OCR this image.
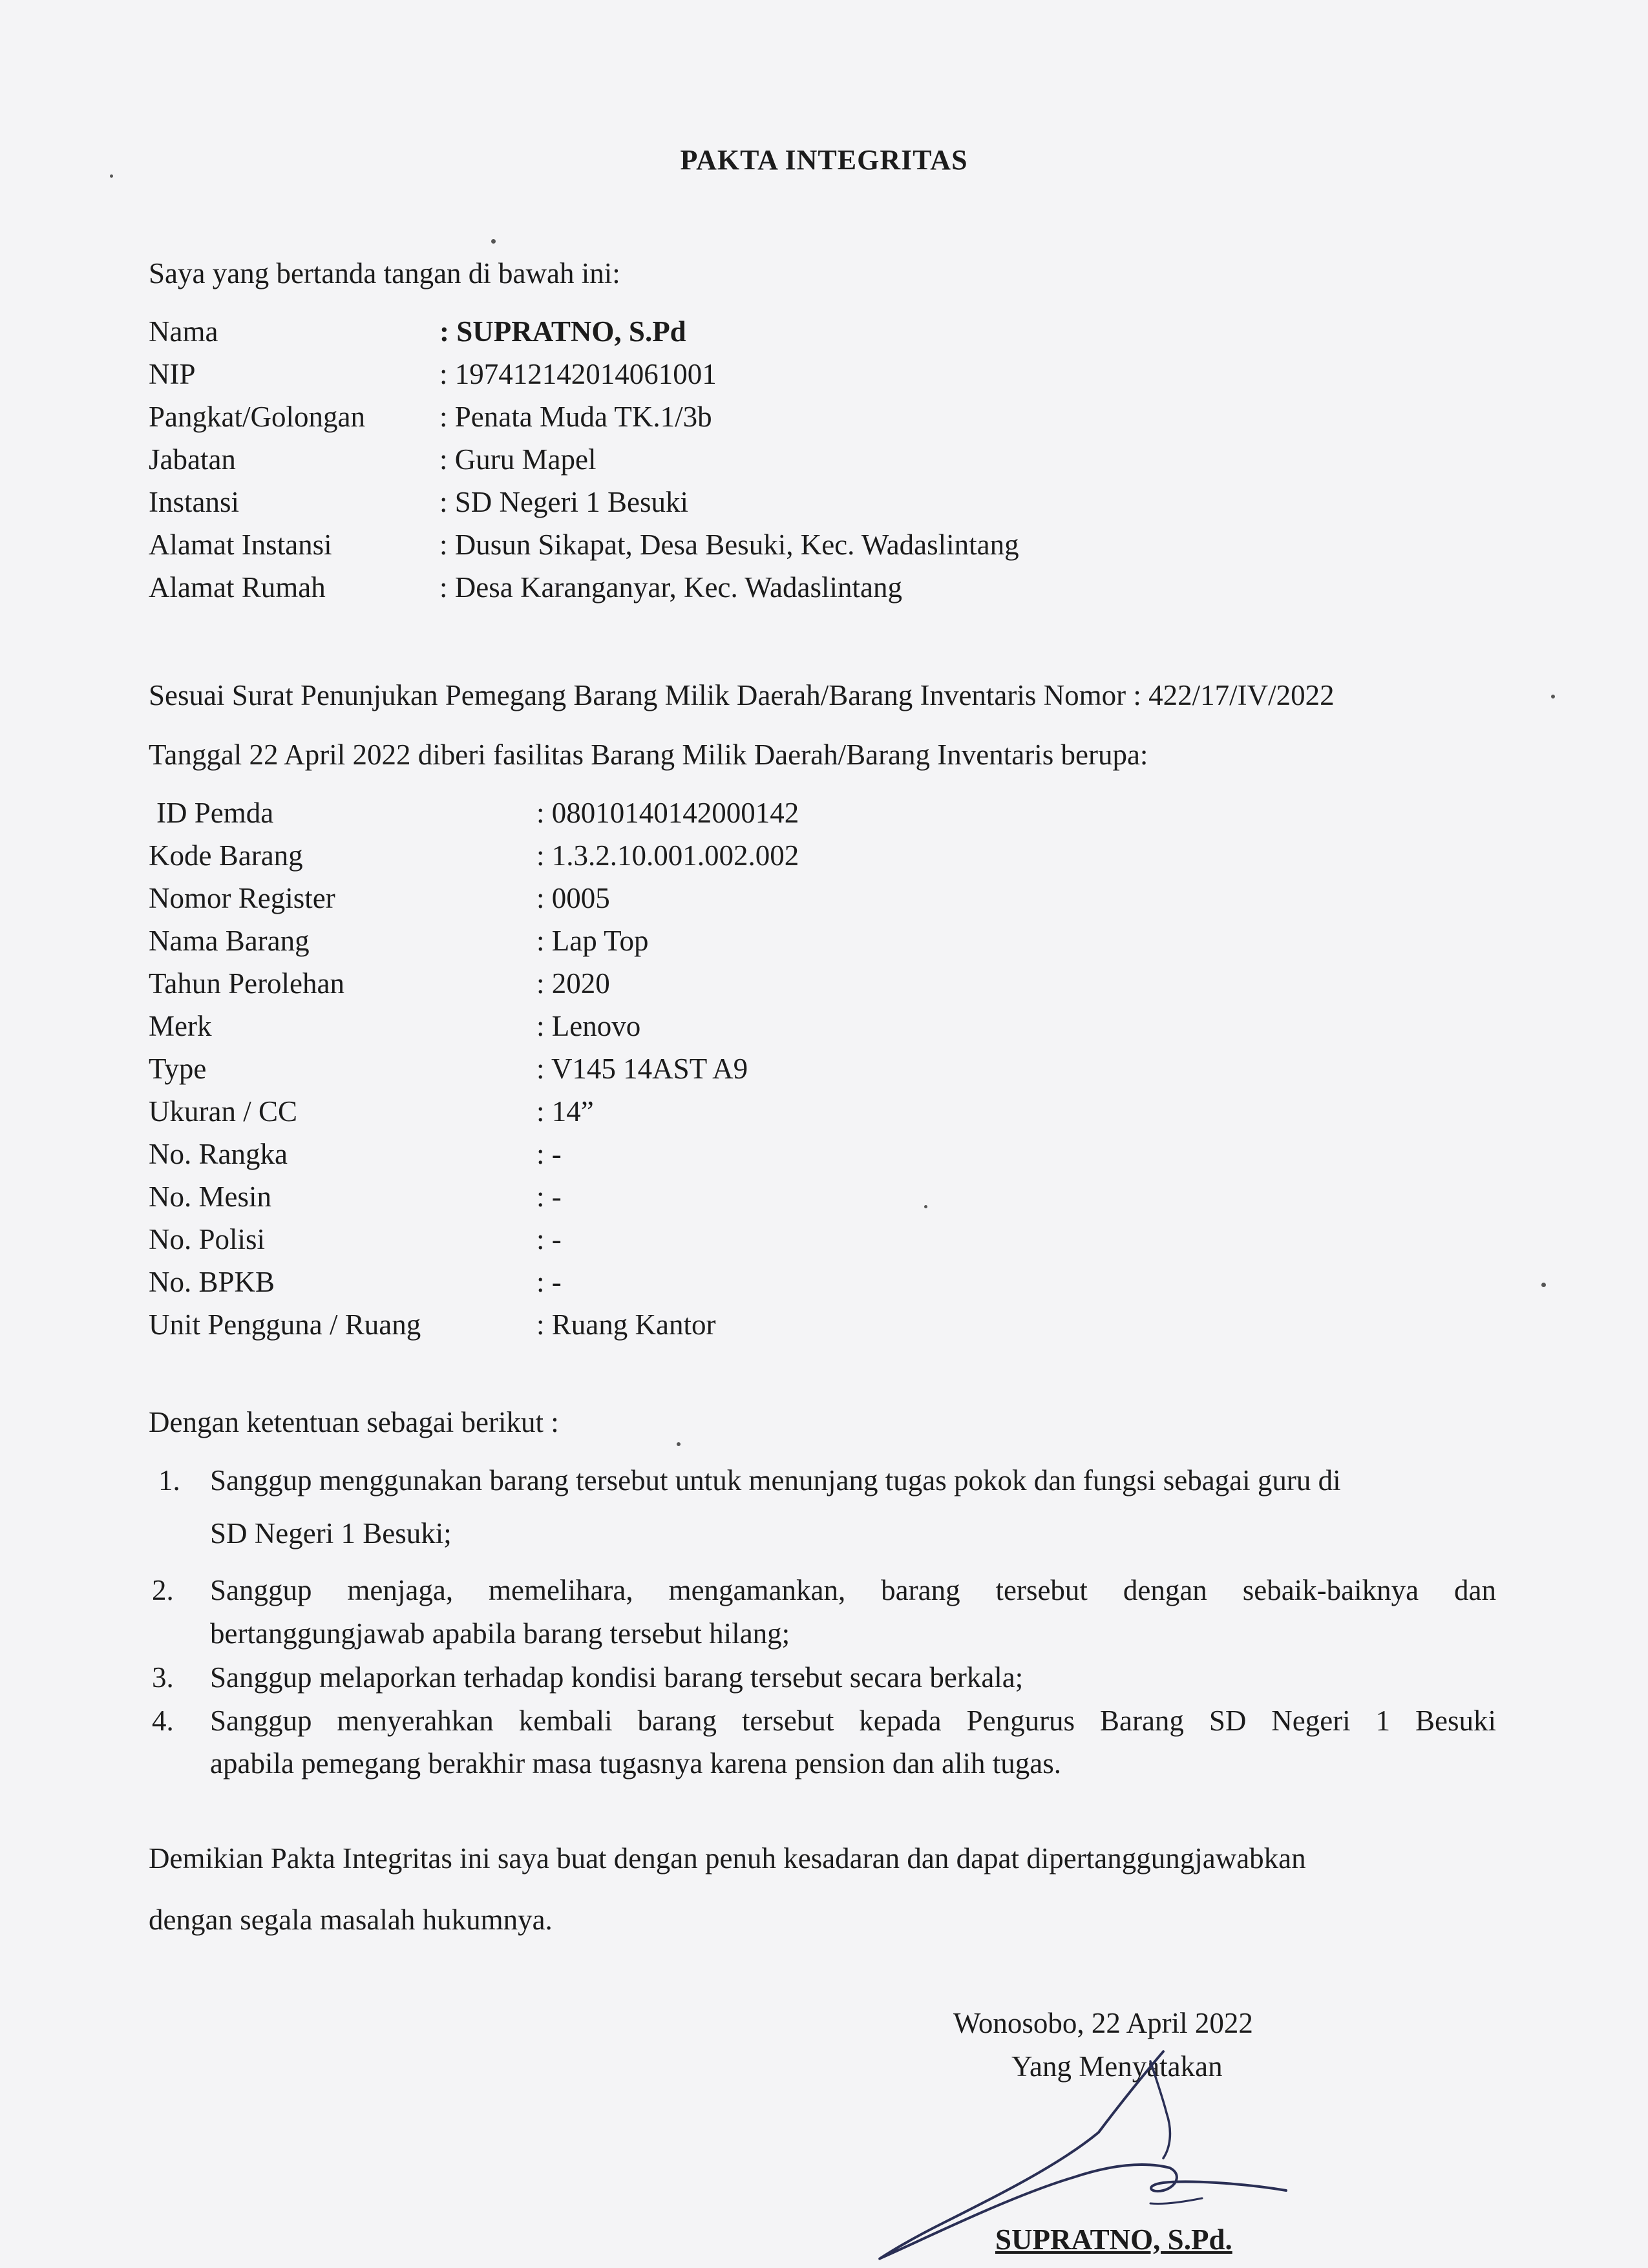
PAKTA INTEGRITAS
Saya yang bertanda tangan di bawah ini:
Nama	: SUPRATNO, S.Pd
NIP	: 197412142014061001
Pangkat/Golongan	: Penata Muda TK.1/3b
Jabatan	: Guru Mapel
Instansi	: SD Negeri 1 Besuki
Alamat Instansi	: Dusun Sikapat, Desa Besuki, Kec. Wadaslintang
Alamat Rumah	: Desa Karanganyar, Kec. Wadaslintang
Sesuai Surat Penunjukan Pemegang Barang Milik Daerah/Barang Inventaris Nomor : 422/17/IV/2022
Tanggal 22 April 2022 diberi fasilitas Barang Milik Daerah/Barang Inventaris berupa:
ID Pemda	: 08010140142000142
Kode Barang	: 1.3.2.10.001.002.002
Nomor Register	: 0005
Nama Barang	: Lap Top
Tahun Perolehan	: 2020
Merk	: Lenovo
Type	: V145 14AST A9
Ukuran / CC	: 14”
No. Rangka	: -
No. Mesin	: -
No. Polisi	: -
No. BPKB	: -
Unit Pengguna / Ruang	: Ruang Kantor
Dengan ketentuan sebagai berikut :
1. Sanggup menggunakan barang tersebut untuk menunjang tugas pokok dan fungsi sebagai guru di
SD Negeri 1 Besuki;
2. Sanggup menjaga, memelihara, mengamankan, barang tersebut dengan sebaik-baiknya dan
bertanggungjawab apabila barang tersebut hilang;
3. Sanggup melaporkan terhadap kondisi barang tersebut secara berkala;
4. Sanggup menyerahkan kembali barang tersebut kepada Pengurus Barang SD Negeri 1 Besuki
apabila pemegang berakhir masa tugasnya karena pension dan alih tugas.
Demikian Pakta Integritas ini saya buat dengan penuh kesadaran dan dapat dipertanggungjawabkan
dengan segala masalah hukumnya.
Wonosobo, 22 April 2022
Yang Menyatakan
SUPRATNO, S.Pd.
